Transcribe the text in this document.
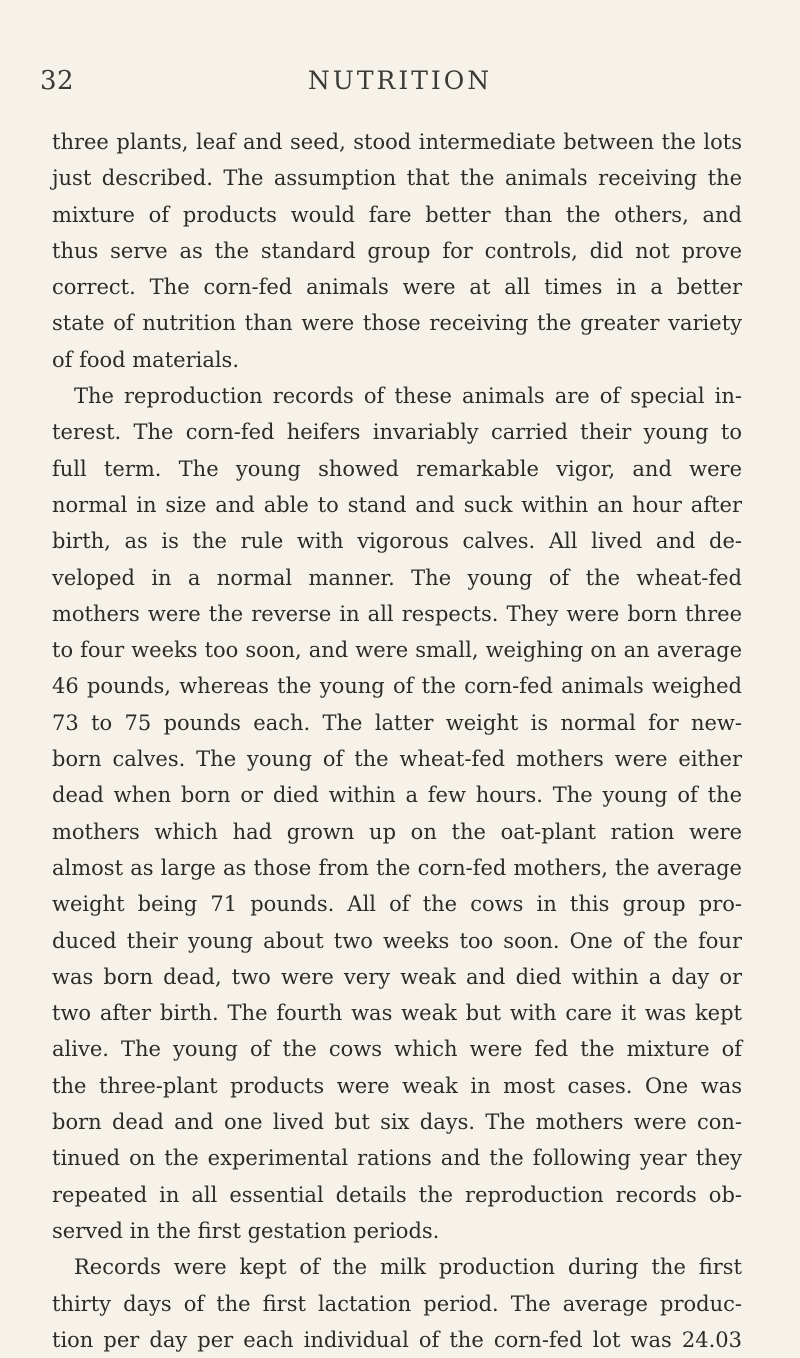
32	NUTRITION
three plants, leaf and seed, stood intermediate between the lots
just described. The assumption that the animals receiving the
mixture of products would fare better than the others, and
thus serve as the standard group for controls, did not prove
correct. The corn-fed animals were at all times in a better
state of nutrition than were those receiving the greater variety
of food materials.
The reproduction records of these animals are of special in-
terest. The corn-fed heifers invariably carried their young to
full term. The young showed remarkable vigor, and were
normal in size and able to stand and suck within an hour after
birth, as is the rule with vigorous calves. All lived and de-
veloped in a normal manner. The young of the wheat-fed
mothers were the reverse in all respects. They were born three
to four weeks too soon, and were small, weighing on an average
46 pounds, whereas the young of the corn-fed animals weighed
73 to 75 pounds each. The latter weight is normal for new-
born calves. The young of the wheat-fed mothers were either
dead when born or died within a few hours. The young of the
mothers which had grown up on the oat-plant ration were
almost as large as those from the corn-fed mothers, the average
weight being 71 pounds. All of the cows in this group pro-
duced their young about two weeks too soon. One of the four
was born dead, two were very weak and died within a day or
two after birth. The fourth was weak but with care it was kept
alive. The young of the cows which were fed the mixture of
the three-plant products were weak in most cases. One was
born dead and one lived but six days. The mothers were con-
tinued on the experimental rations and the following year they
repeated in all essential details the reproduction records ob-
served in the first gestation periods.
Records were kept of the milk production during the first
thirty days of the first lactation period. The average produc-
tion per day per each individual of the corn-fed lot was 24.03
